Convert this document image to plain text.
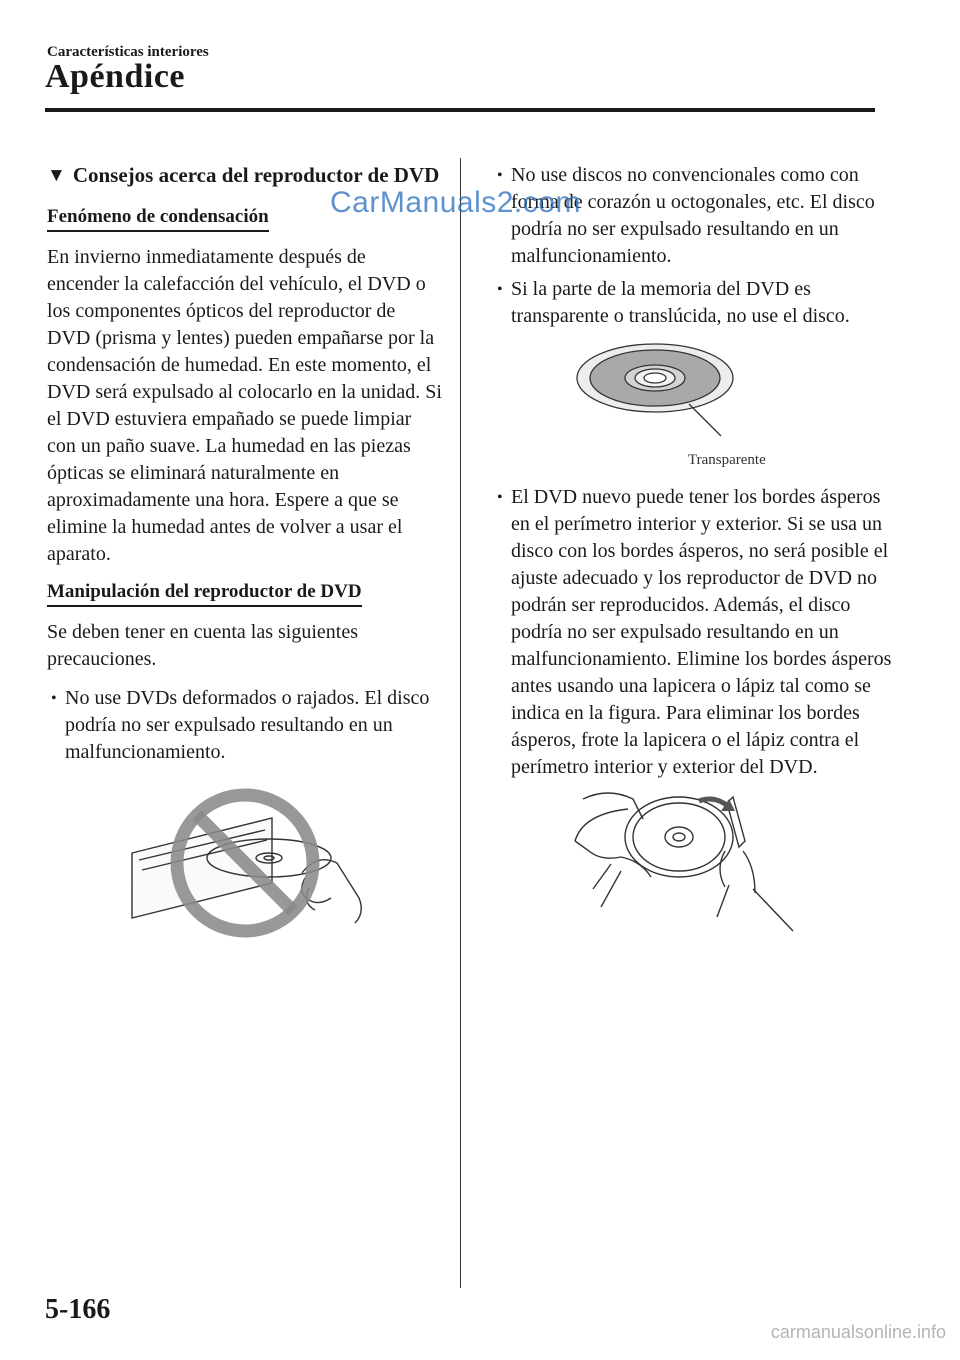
Características interiores
Apéndice
▼ Consejos acerca del reproductor de DVD
Fenómeno de condensación

En invierno inmediatamente después de encender la calefacción del vehículo, el DVD o los componentes ópticos del reproductor de DVD (prisma y lentes) pueden empañarse por la condensación de humedad. En este momento, el DVD será expulsado al colocarlo en la unidad. Si el DVD estuviera empañado se puede limpiar con un paño suave. La humedad en las piezas ópticas se eliminará naturalmente en aproximadamente una hora. Espere a que se elimine la humedad antes de volver a usar el aparato.

Manipulación del reproductor de DVD

Se deben tener en cuenta las siguientes precauciones.

• No use DVDs deformados o rajados. El disco podría no ser expulsado resultando en un malfuncionamiento.
• No use discos no convencionales como con forma de corazón u octogonales, etc. El disco podría no ser expulsado resultando en un malfuncionamiento.
• Si la parte de la memoria del DVD es transparente o translúcida, no use el disco.
Transparente
• El DVD nuevo puede tener los bordes ásperos en el perímetro interior y exterior. Si se usa un disco con los bordes ásperos, no será posible el ajuste adecuado y los reproductor de DVD no podrán ser reproducidos. Además, el disco podría no ser expulsado resultando en un malfuncionamiento. Elimine los bordes ásperos antes usando una lapicera o lápiz tal como se indica en la figura. Para eliminar los bordes ásperos, frote la lapicera o el lápiz contra el perímetro interior y exterior del DVD.
CarManuals2.com
5-166
carmanualsonline.info
